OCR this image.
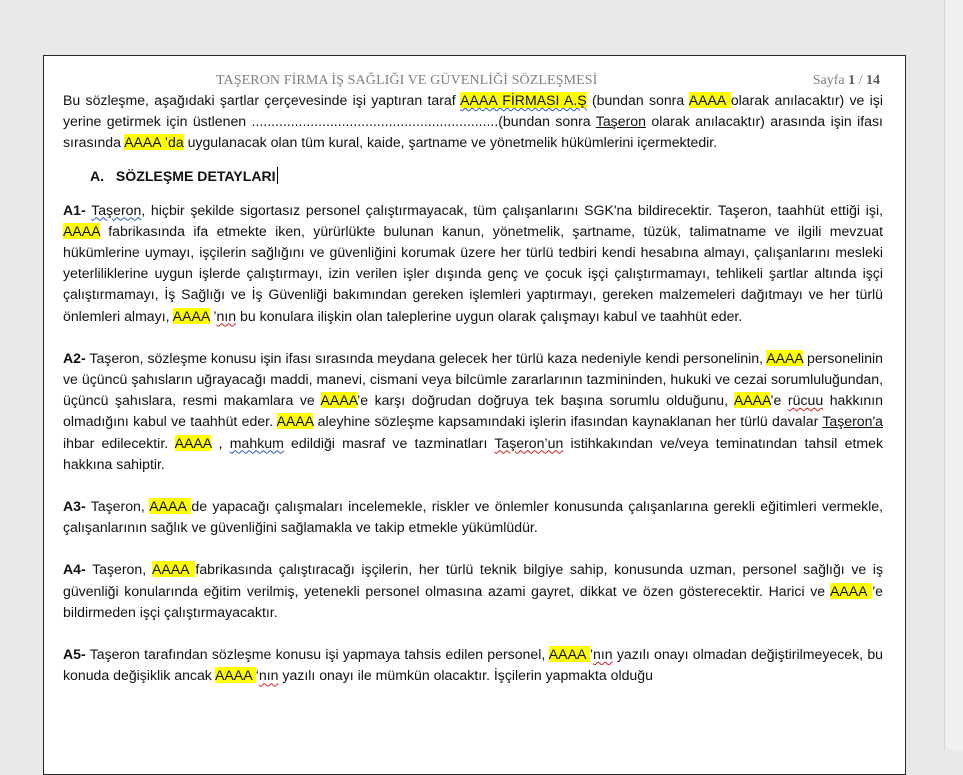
TAŞERON FİRMA İŞ SAĞLIĞI VE GÜVENLİĞİ SÖZLEŞMESİ	Sayfa 1 / 14

Bu sözleşme, aşağıdaki şartlar çerçevesinde işi yaptıran taraf AAAA FİRMASI A.Ş (bundan sonra AAAA olarak anılacaktır) ve işi yerine getirmek için üstlenen ...............................................................(bundan sonra Taşeron olarak anılacaktır) arasında işin ifası sırasında AAAA ’da uygulanacak olan tüm kural, kaide, şartname ve yönetmelik hükümlerini içermektedir.

A.   SÖZLEŞME DETAYLARI

A1- Taşeron, hiçbir şekilde sigortasız personel çalıştırmayacak, tüm çalışanlarını SGK'na bildirecektir. Taşeron, taahhüt ettiği işi, AAAA fabrikasında ifa etmekte iken, yürürlükte bulunan kanun, yönetmelik, şartname, tüzük, talimatname ve ilgili mevzuat hükümlerine uymayı, işçilerin sağlığını ve güvenliğini korumak üzere her türlü tedbiri kendi hesabına almayı, çalışanlarını mesleki yeterliliklerine uygun işlerde çalıştırmayı, izin verilen işler dışında genç ve çocuk işçi çalıştırmamayı, tehlikeli şartlar altında işçi çalıştırmamayı, İş Sağlığı ve İş Güvenliği bakımından gereken işlemleri yaptırmayı, gereken malzemeleri dağıtmayı ve her türlü önlemleri almayı, AAAA ’nın bu konulara ilişkin olan taleplerine uygun olarak çalışmayı kabul ve taahhüt eder.

A2- Taşeron, sözleşme konusu işin ifası sırasında meydana gelecek her türlü kaza nedeniyle kendi personelinin, AAAA personelinin ve üçüncü şahısların uğrayacağı maddi, manevi, cismani veya bilcümle zararlarının tazmininden, hukuki ve cezai sorumluluğundan, üçüncü şahıslara, resmi makamlara ve AAAA’e karşı doğrudan doğruya tek başına sorumlu olduğunu, AAAA’e rücuu hakkının olmadığını kabul ve taahhüt eder. AAAA aleyhine sözleşme kapsamındaki işlerin ifasından kaynaklanan her türlü davalar Taşeron'a ihbar edilecektir. AAAA , mahkum edildiği masraf ve tazminatları Taşeron’un istihkakından ve/veya teminatından tahsil etmek hakkına sahiptir.

A3- Taşeron, AAAA de yapacağı çalışmaları incelemekle, riskler ve önlemler konusunda çalışanlarına gerekli eğitimleri vermekle, çalışanlarının sağlık ve güvenliğini sağlamakla ve takip etmekle yükümlüdür.

A4- Taşeron, AAAA fabrikasında çalıştıracağı işçilerin, her türlü teknik bilgiye sahip, konusunda uzman, personel sağlığı ve iş güvenliği konularında eğitim verilmiş, yetenekli personel olmasına azami gayret, dikkat ve özen gösterecektir. Harici ve AAAA 'e bildirmeden işçi çalıştırmayacaktır.

A5- Taşeron tarafından sözleşme konusu işi yapmaya tahsis edilen personel, AAAA ’nın yazılı onayı olmadan değiştirilmeyecek, bu konuda değişiklik ancak AAAA ‘nın yazılı onayı ile mümkün olacaktır. İşçilerin yapmakta olduğu
